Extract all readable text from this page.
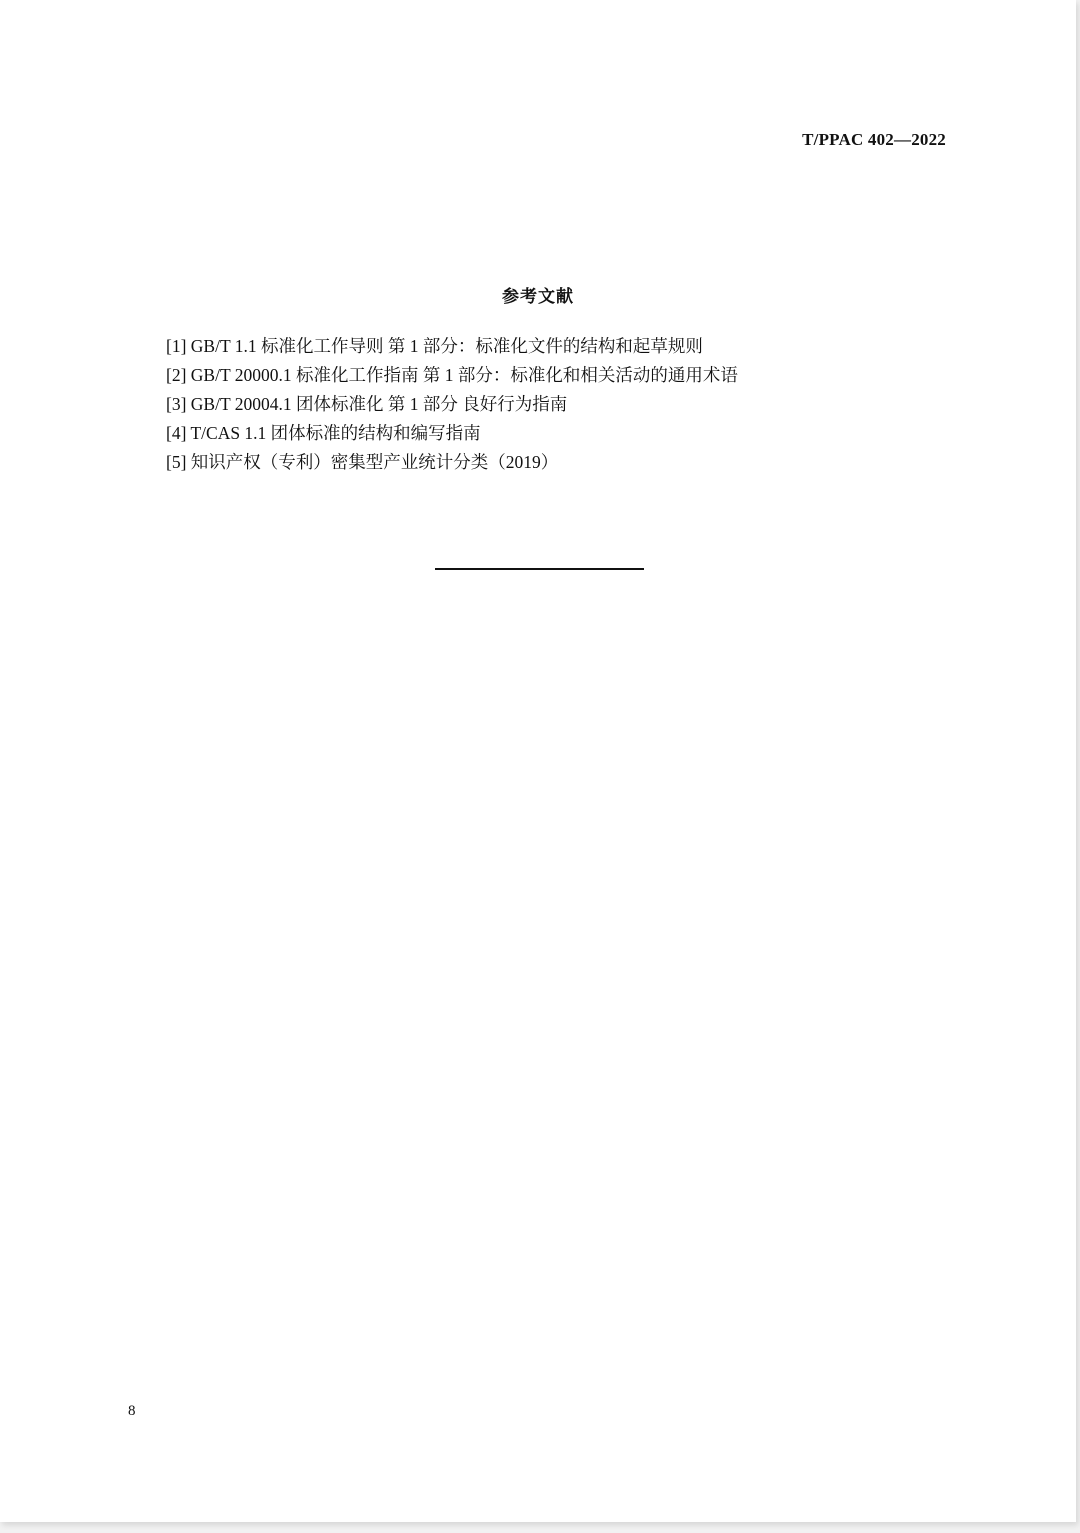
T/PPAC 402—2022
参考文献
[1] GB/T 1.1 标准化工作导则 第 1 部分：标准化文件的结构和起草规则
[2] GB/T 20000.1 标准化工作指南 第 1 部分：标准化和相关活动的通用术语
[3] GB/T 20004.1 团体标准化 第 1 部分 良好行为指南
[4] T/CAS 1.1 团体标准的结构和编写指南
[5] 知识产权（专利）密集型产业统计分类（2019）
8
